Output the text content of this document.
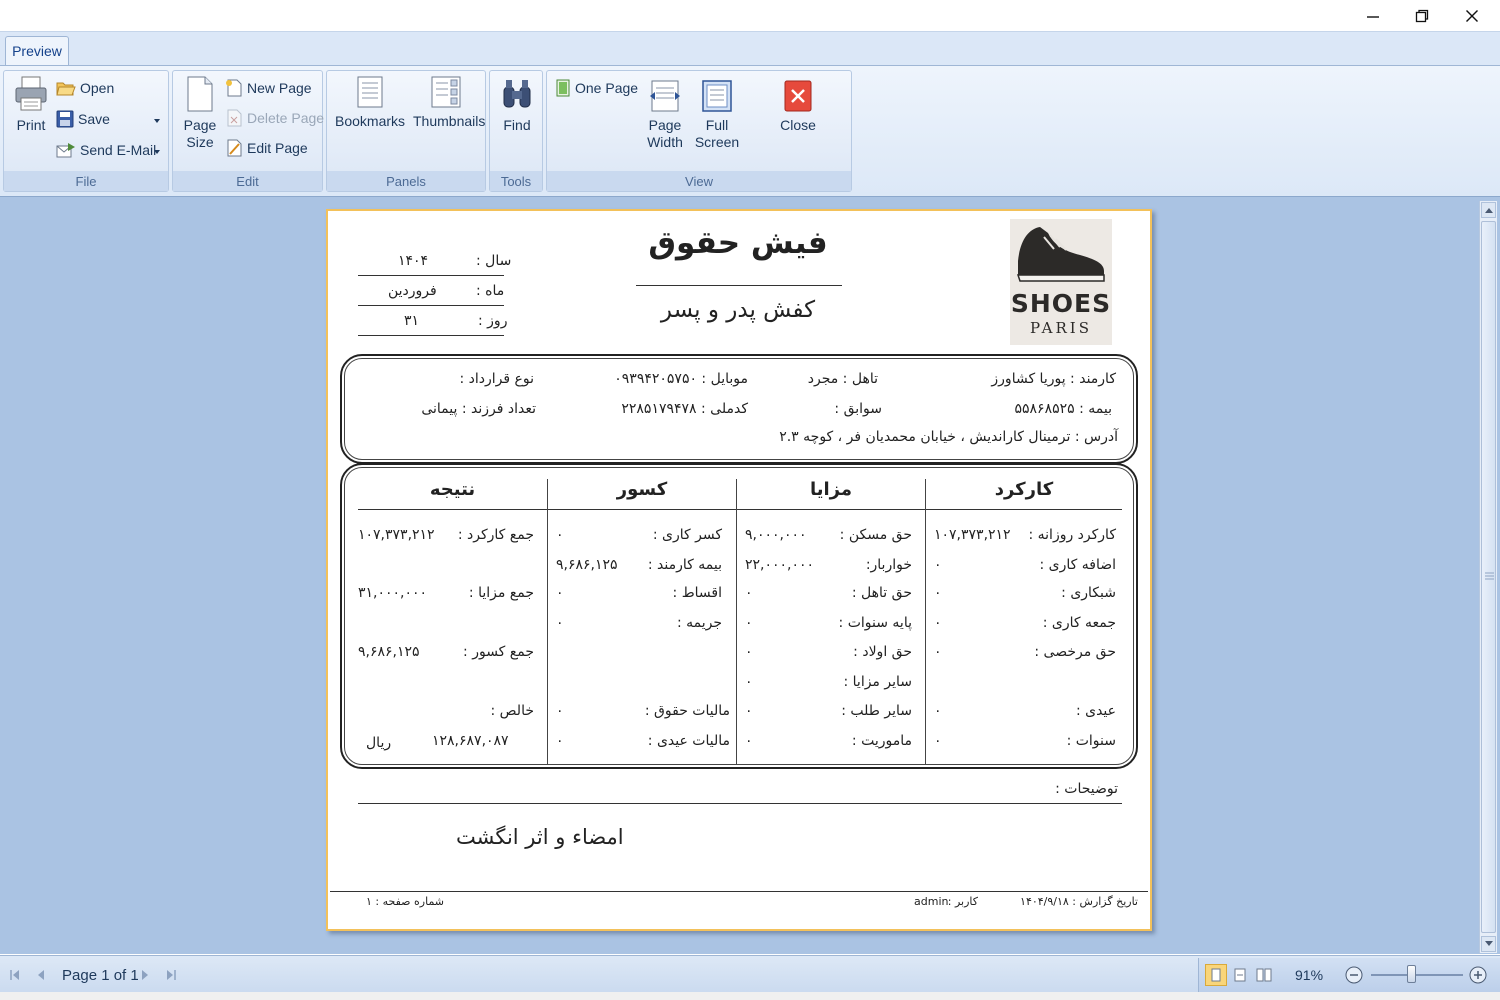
Preview
Print
Open
Save
Send E-Mail
File
Page
Size
New Page
Delete Page
Edit Page
Edit
Bookmarks Thumbnails
Panels
Find
Tools
One Page
Page
Width
Full
Screen
Close
View
SHOES
PARIS
فیش حقوق
کفش پدر و پسر
سال :
۱۴۰۴
ماه :
فروردین
روز :
۳۱
کارمند : پوریا کشاورز
تاهل : مجرد
موبایل : ۰۹۳۹۴۲۰۵۷۵۰
نوع قرارداد :
بیمه : ۵۵۸۶۸۵۲۵
سوابق :
کدملی : ۲۲۸۵۱۷۹۴۷۸
تعداد فرزند : پیمانی
آدرس : ترمینال کاراندیش ، خیابان محمدیان فر ، کوچه ۲.۳
کارکرد
مزایا
کسور
نتیجه
کارکرد روزانه :
۱۰۷,۳۷۳,۲۱۲
اضافه کاری :
۰
شبکاری :
۰
جمعه کاری :
۰
حق مرخصی :
۰
عیدی :
۰
سنوات :
۰
حق مسکن :
۹,۰۰۰,۰۰۰
خواربار:
۲۲,۰۰۰,۰۰۰
حق تاهل :
۰
پایه سنوات :
۰
حق اولاد :
۰
سایر مزایا :
۰
سایر طلب :
۰
ماموریت :
۰
کسر کاری :
۰
بیمه کارمند :
۹,۶۸۶,۱۲۵
اقساط :
۰
جریمه :
۰
مالیات حقوق :
۰
مالیات عیدی :
۰
جمع کارکرد :
۱۰۷,۳۷۳,۲۱۲
جمع مزایا :
۳۱,۰۰۰,۰۰۰
جمع کسور :
۹,۶۸۶,۱۲۵
خالص :
۱۲۸,۶۸۷,۰۸۷
ریال
توضیحات :
امضاء و اثر انگشت
تاریخ گزارش : ۱۴۰۴/۹/۱۸
کاربر :
admin
شماره صفحه : ۱
Page 1 of 1	91%
